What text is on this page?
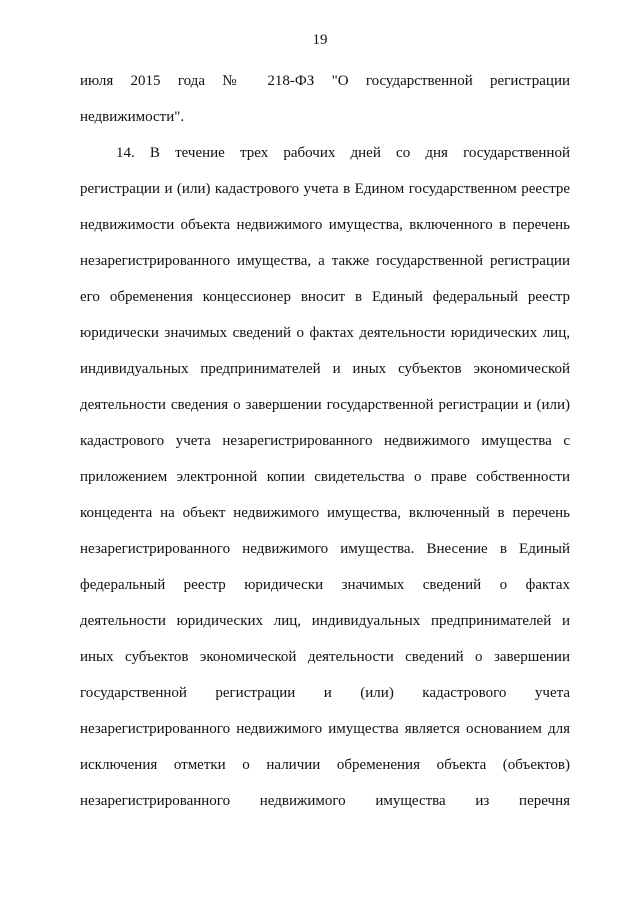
19
июля 2015 года № 218-ФЗ "О государственной регистрации
недвижимости".
14. В течение трех рабочих дней со дня государственной
регистрации и (или) кадастрового учета в Едином государственном реестре
недвижимости объекта недвижимого имущества, включенного в перечень
незарегистрированного имущества, а также государственной регистрации
его обременения концессионер вносит в Единый федеральный реестр
юридически значимых сведений о фактах деятельности юридических лиц,
индивидуальных предпринимателей и иных субъектов экономической
деятельности сведения о завершении государственной регистрации и (или)
кадастрового учета незарегистрированного недвижимого имущества с
приложением электронной копии свидетельства о праве собственности
концедента на объект недвижимого имущества, включенный в перечень
незарегистрированного недвижимого имущества. Внесение в Единый
федеральный реестр юридически значимых сведений о фактах
деятельности юридических лиц, индивидуальных предпринимателей и
иных субъектов экономической деятельности сведений о завершении
государственной регистрации и (или) кадастрового учета
незарегистрированного недвижимого имущества является основанием для
исключения отметки о наличии обременения объекта (объектов)
незарегистрированного недвижимого имущества из перечня
